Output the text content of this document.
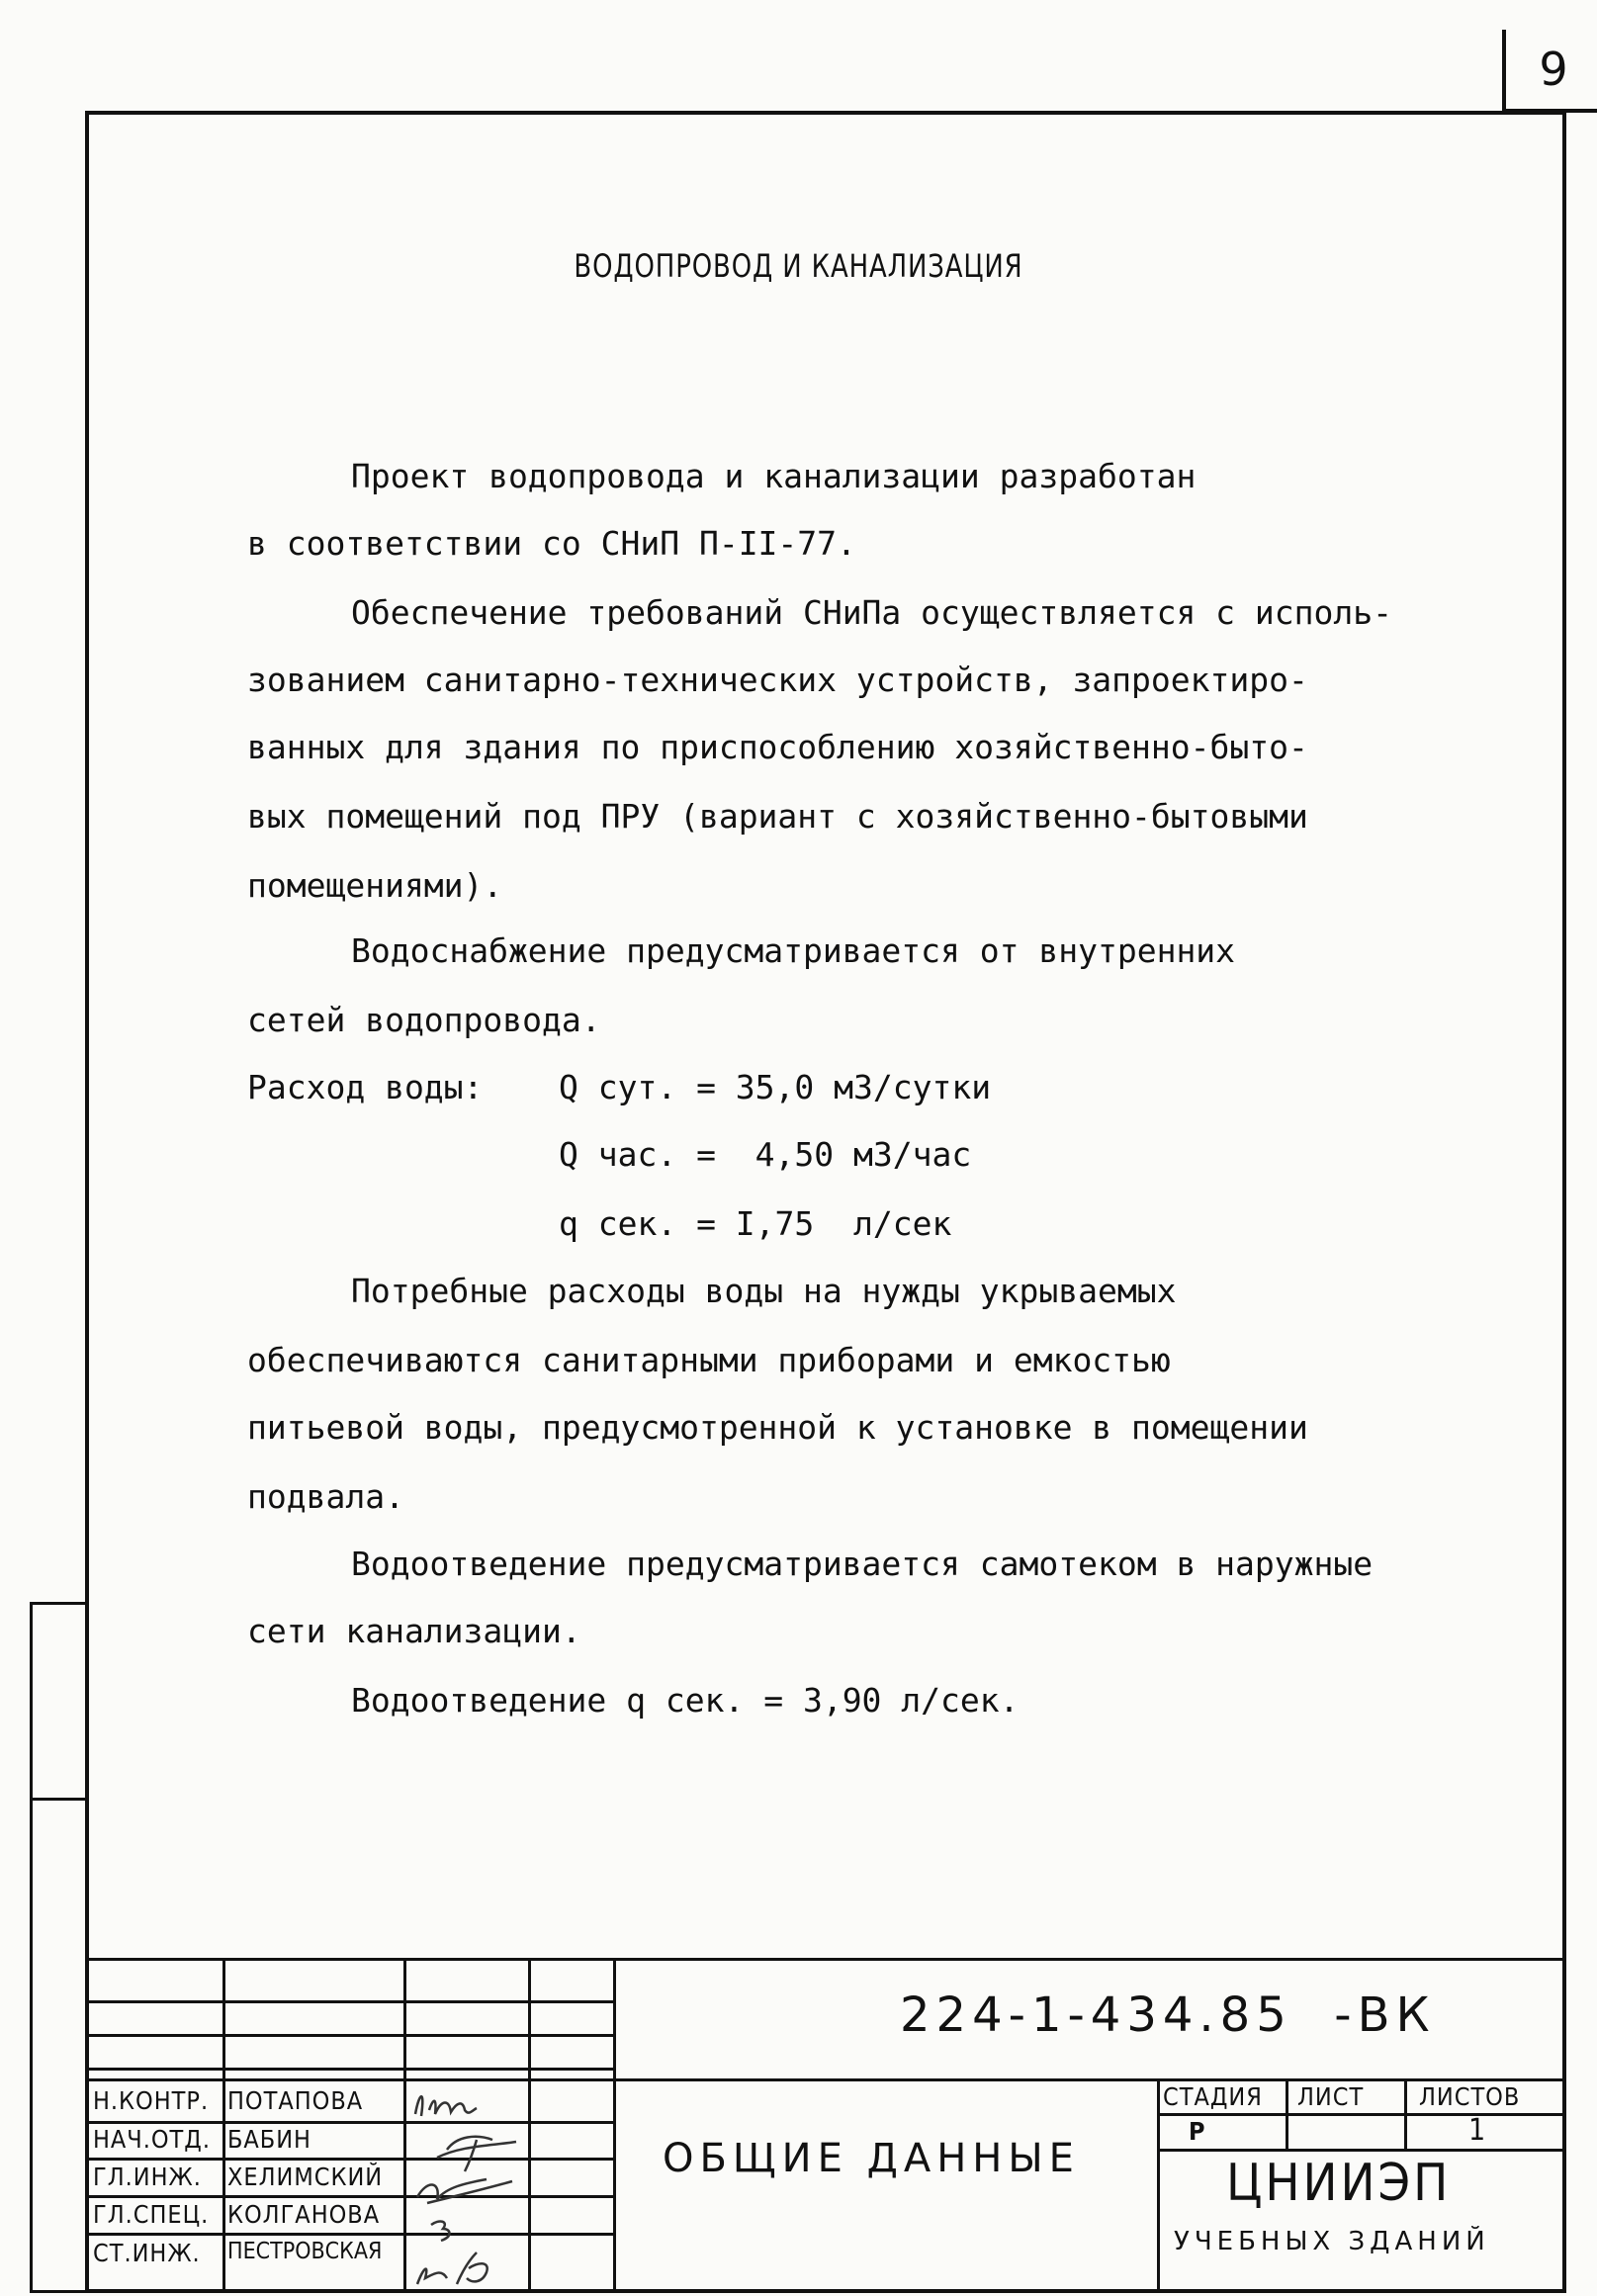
9
ВОДОПРОВОД И КАНАЛИЗАЦИЯ
Проект водопровода и канализации разработан
в соответствии со СНиП П-II-77.
Обеспечение требований СНиПа осуществляется с исполь-
зованием санитарно-технических устройств, запроектиро-
ванных для здания по приспособлению хозяйственно-быто-
вых помещений под ПРУ (вариант с хозяйственно-бытовыми
помещениями).
Водоснабжение предусматривается от внутренних
сетей водопровода.
Расход воды: Q сут. = 35,0 м3/сутки
Q час. =  4,50 м3/час
q сек. = I,75  л/сек
Потребные расходы воды на нужды укрываемых
обеспечиваются санитарными приборами и емкостью
питьевой воды, предусмотренной к установке в помещении
подвала.
Водоотведение предусматривается самотеком в наружные
сети канализации.
Водоотведение q сек. = 3,90 л/сек.
224-1-434.85  -ВК
Н.КОНТР. ПОТАПОВА
НАЧ.ОТД. БАБИН
ГЛ.ИНЖ. ХЕЛИМСКИЙ
ГЛ.СПЕЦ. КОЛГАНОВА
СТ.ИНЖ. ПЕСТРОВСКАЯ
ОБЩИЕ ДАННЫЕ
СТАДИЯ ЛИСТ ЛИСТОВ
Р	1
ЦНИИЭП
УЧЕБНЫХ ЗДАНИЙ
